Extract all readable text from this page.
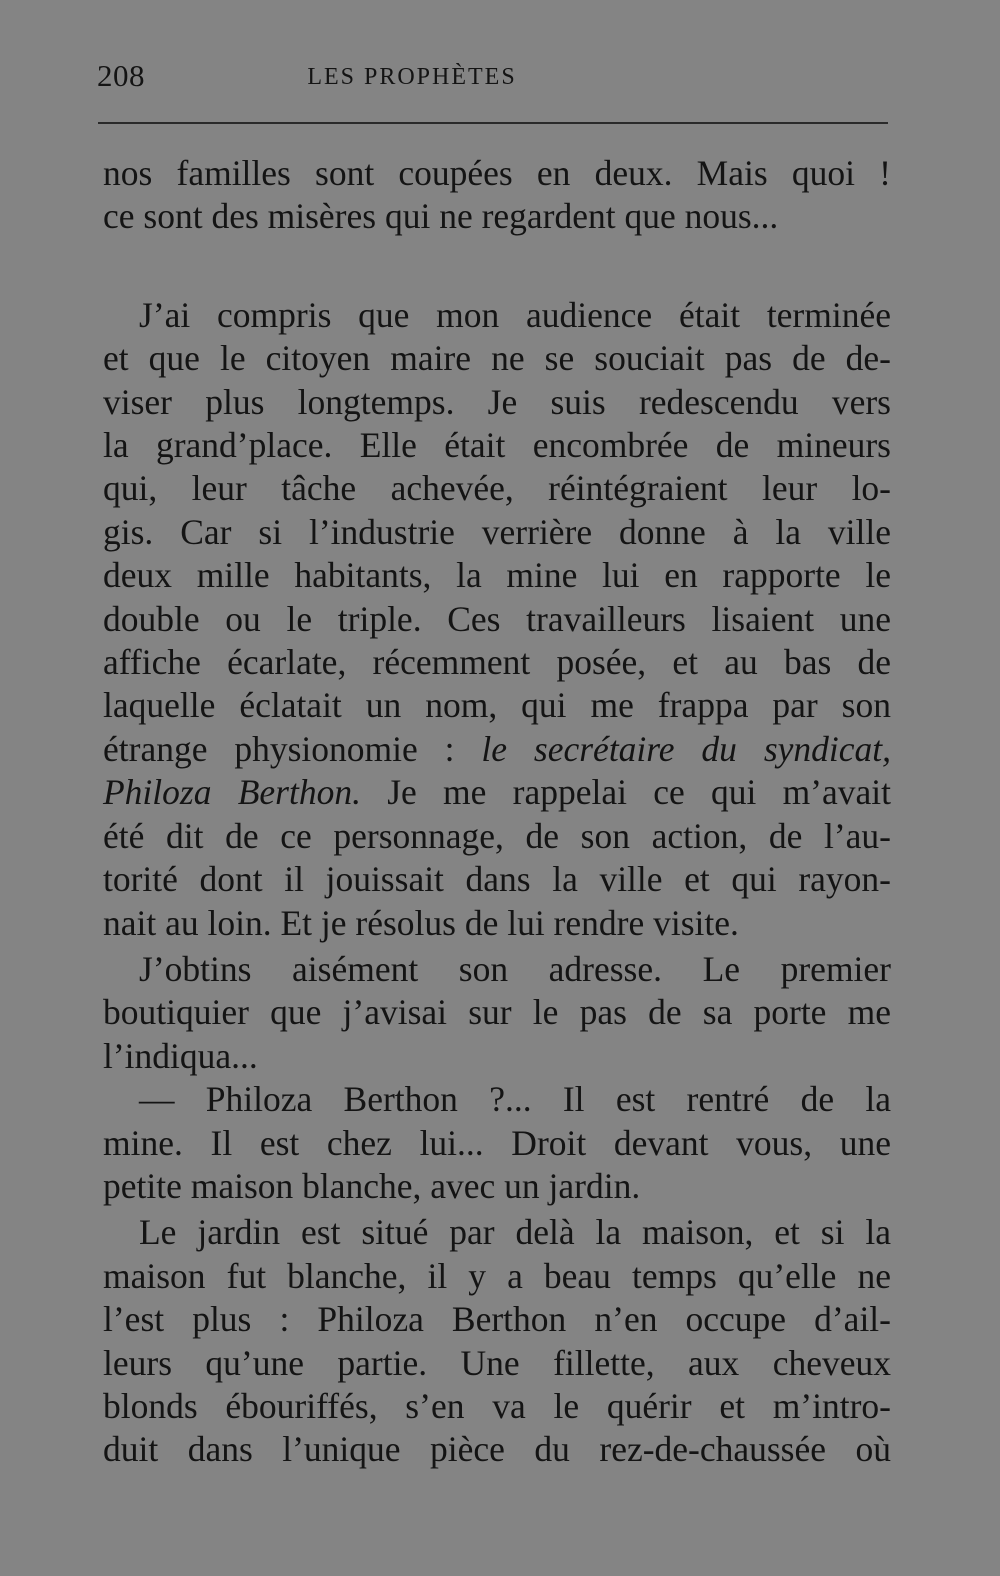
208	LES PROPHÈTES

nos familles sont coupées en deux. Mais quoi !
ce sont des misères qui ne regardent que nous...

J’ai compris que mon audience était terminée
et que le citoyen maire ne se souciait pas de de-
viser plus longtemps. Je suis redescendu vers
la grand’place. Elle était encombrée de mineurs
qui, leur tâche achevée, réintégraient leur lo-
gis. Car si l’industrie verrière donne à la ville
deux mille habitants, la mine lui en rapporte le
double ou le triple. Ces travailleurs lisaient une
affiche écarlate, récemment posée, et au bas de
laquelle éclatait un nom, qui me frappa par son
étrange physionomie : le secrétaire du syndicat,
Philoza Berthon. Je me rappelai ce qui m’avait
été dit de ce personnage, de son action, de l’au-
torité dont il jouissait dans la ville et qui rayon-
nait au loin. Et je résolus de lui rendre visite.

J’obtins aisément son adresse. Le premier
boutiquier que j’avisai sur le pas de sa porte me
l’indiqua...

— Philoza Berthon ?... Il est rentré de la
mine. Il est chez lui... Droit devant vous, une
petite maison blanche, avec un jardin.

Le jardin est situé par delà la maison, et si la
maison fut blanche, il y a beau temps qu’elle ne
l’est plus : Philoza Berthon n’en occupe d’ail-
leurs qu’une partie. Une fillette, aux cheveux
blonds ébouriffés, s’en va le quérir et m’intro-
duit dans l’unique pièce du rez-de-chaussée où
